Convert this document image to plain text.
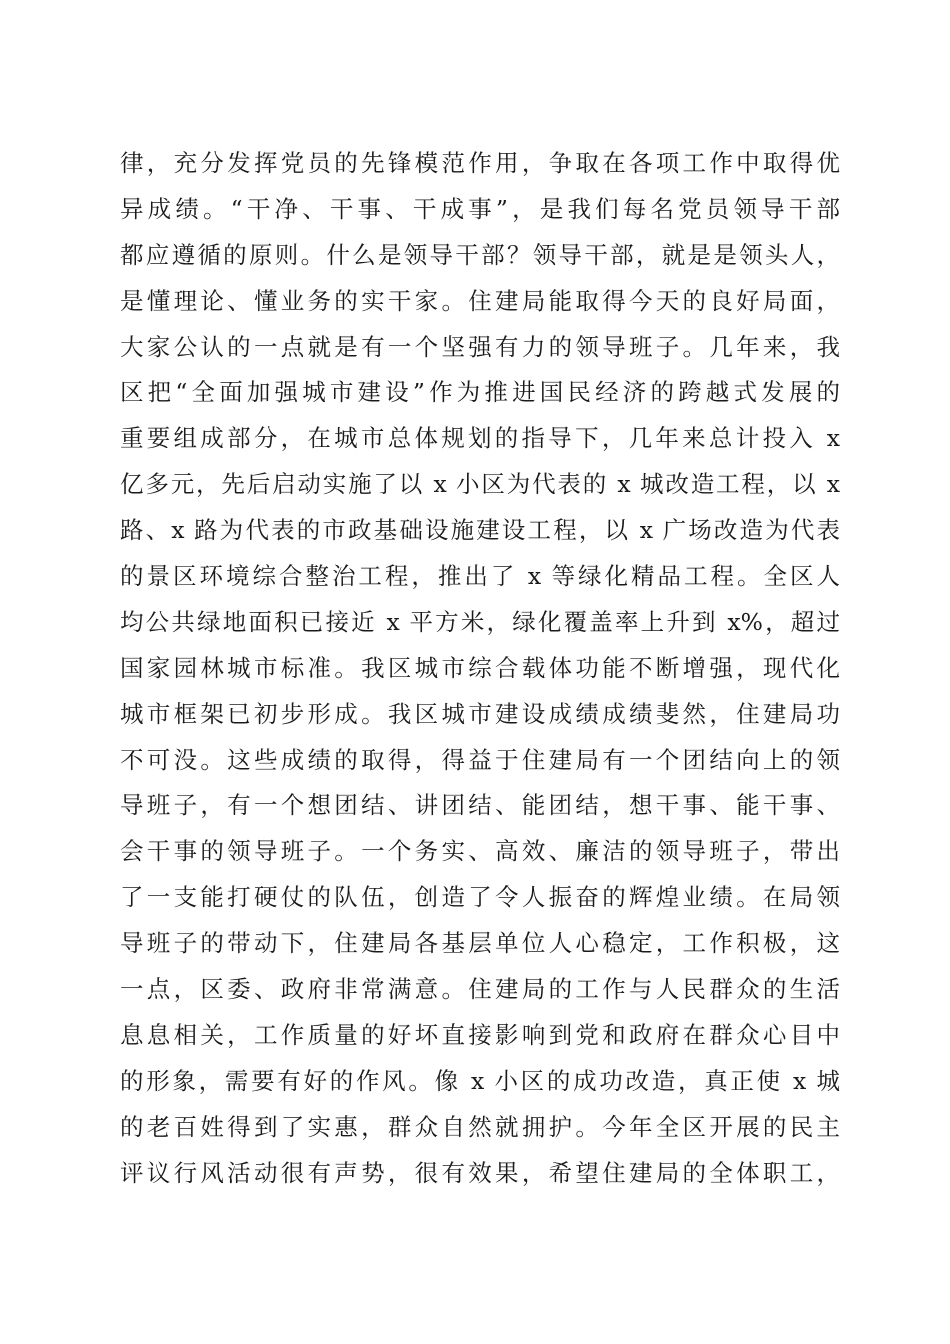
律，充分发挥党员的先锋模范作用，争取在各项工作中取得优
异成绩。“干净、干事、干成事”，是我们每名党员领导干部
都应遵循的原则。什么是领导干部？领导干部，就是是领头人，
是懂理论、懂业务的实干家。住建局能取得今天的良好局面，
大家公认的一点就是有一个坚强有力的领导班子。几年来，我
区把“全面加强城市建设”作为推进国民经济的跨越式发展的
重要组成部分，在城市总体规划的指导下，几年来总计投入 x
亿多元，先后启动实施了以 x 小区为代表的 x 城改造工程，以 x
路、x 路为代表的市政基础设施建设工程，以 x 广场改造为代表
的景区环境综合整治工程，推出了 x 等绿化精品工程。全区人
均公共绿地面积已接近 x 平方米，绿化覆盖率上升到 x%，超过
国家园林城市标准。我区城市综合载体功能不断增强，现代化
城市框架已初步形成。我区城市建设成绩成绩斐然，住建局功
不可没。这些成绩的取得，得益于住建局有一个团结向上的领
导班子，有一个想团结、讲团结、能团结，想干事、能干事、
会干事的领导班子。一个务实、高效、廉洁的领导班子，带出
了一支能打硬仗的队伍，创造了令人振奋的辉煌业绩。在局领
导班子的带动下，住建局各基层单位人心稳定，工作积极，这
一点，区委、政府非常满意。住建局的工作与人民群众的生活
息息相关，工作质量的好坏直接影响到党和政府在群众心目中
的形象，需要有好的作风。像 x 小区的成功改造，真正使 x 城
的老百姓得到了实惠，群众自然就拥护。今年全区开展的民主
评议行风活动很有声势，很有效果，希望住建局的全体职工，
